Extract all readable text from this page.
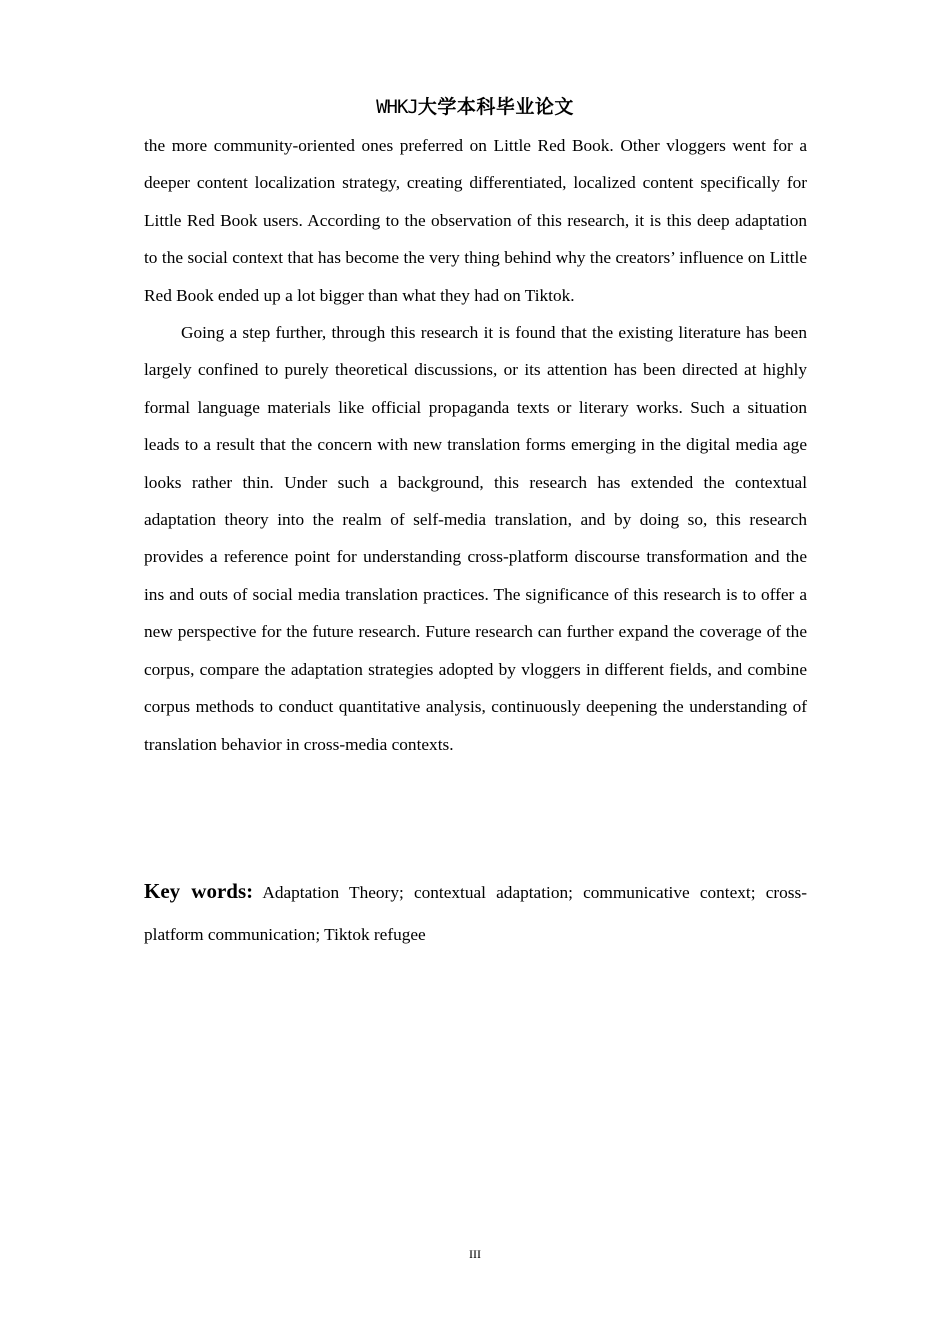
WHKJ大学本科毕业论文

the more community-oriented ones preferred on Little Red Book. Other vloggers went for a deeper content localization strategy, creating differentiated, localized content specifically for Little Red Book users. According to the observation of this research, it is this deep adaptation to the social context that has become the very thing behind why the creators’ influence on Little Red Book ended up a lot bigger than what they had on Tiktok.

Going a step further, through this research it is found that the existing literature has been largely confined to purely theoretical discussions, or its attention has been directed at highly formal language materials like official propaganda texts or literary works. Such a situation leads to a result that the concern with new translation forms emerging in the digital media age looks rather thin. Under such a background, this research has extended the contextual adaptation theory into the realm of self-media translation, and by doing so, this research provides a reference point for understanding cross-platform discourse transformation and the ins and outs of social media translation practices. The significance of this research is to offer a new perspective for the future research. Future research can further expand the coverage of the corpus, compare the adaptation strategies adopted by vloggers in different fields, and combine corpus methods to conduct quantitative analysis, continuously deepening the understanding of translation behavior in cross-media contexts.

Key words: Adaptation Theory; contextual adaptation; communicative context; cross-platform communication; Tiktok refugee
III
